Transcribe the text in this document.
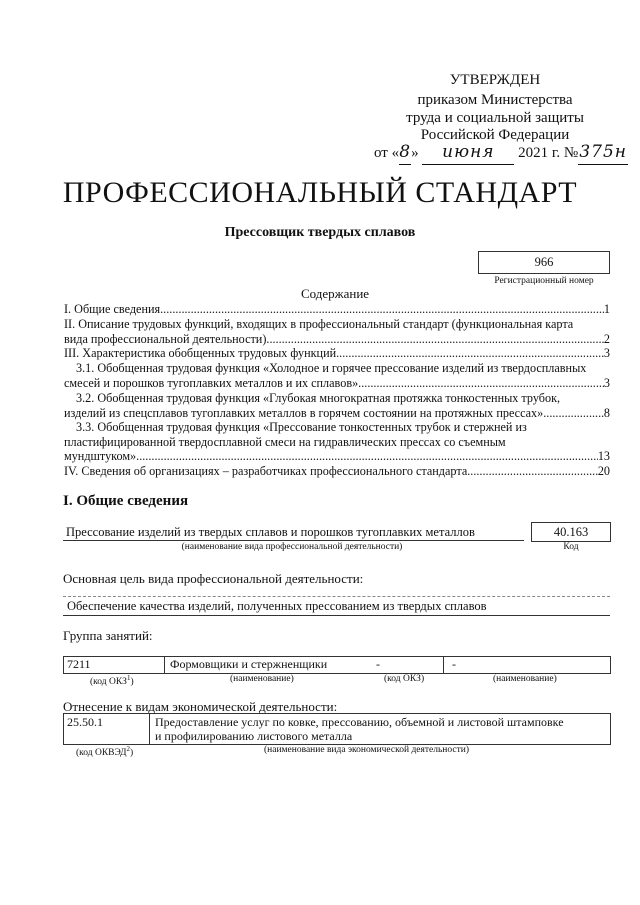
УТВЕРЖДЕН
приказом Министерства
труда и социальной защиты
Российской Федерации
от «8» июня 2021 г. №375н
ПРОФЕССИОНАЛЬНЫЙ СТАНДАРТ
Прессовщик твердых сплавов
966
Регистрационный номер
Содержание
I. Общие сведения .....	1
II. Описание трудовых функций, входящих в профессиональный стандарт (функциональная карта
вида профессиональной деятельности) .....	2
III. Характеристика обобщенных трудовых функций .....	3
3.1. Обобщенная трудовая функция «Холодное и горячее прессование изделий из твердосплавных
смесей и порошков тугоплавких металлов и их сплавов» .....	3
3.2. Обобщенная трудовая функция «Глубокая многократная протяжка тонкостенных трубок,
изделий из спецсплавов тугоплавких металлов в горячем состоянии на протяжных прессах» .....	8
3.3. Обобщенная трудовая функция «Прессование тонкостенных трубок и стержней из
пластифицированной твердосплавной смеси на гидравлических прессах со съемным
мундштуком» .....	13
IV. Сведения об организациях – разработчиках профессионального стандарта .....	20
I. Общие сведения
Прессование изделий из твердых сплавов и порошков тугоплавких металлов
(наименование вида профессиональной деятельности)
40.163
Код
Основная цель вида профессиональной деятельности:
Обеспечение качества изделий, полученных прессованием из твердых сплавов
Группа занятий:
7211	Формовщики и стержненщики	-	-
(код ОКЗ$^1$)	(наименование)	(код ОКЗ)	(наименование)
Отнесение к видам экономической деятельности:
25.50.1	Предоставление услуг по ковке, прессованию, объемной и листовой штамповке
и профилированию листового металла
(код ОКВЭД$^2$)	(наименование вида экономической деятельности)
